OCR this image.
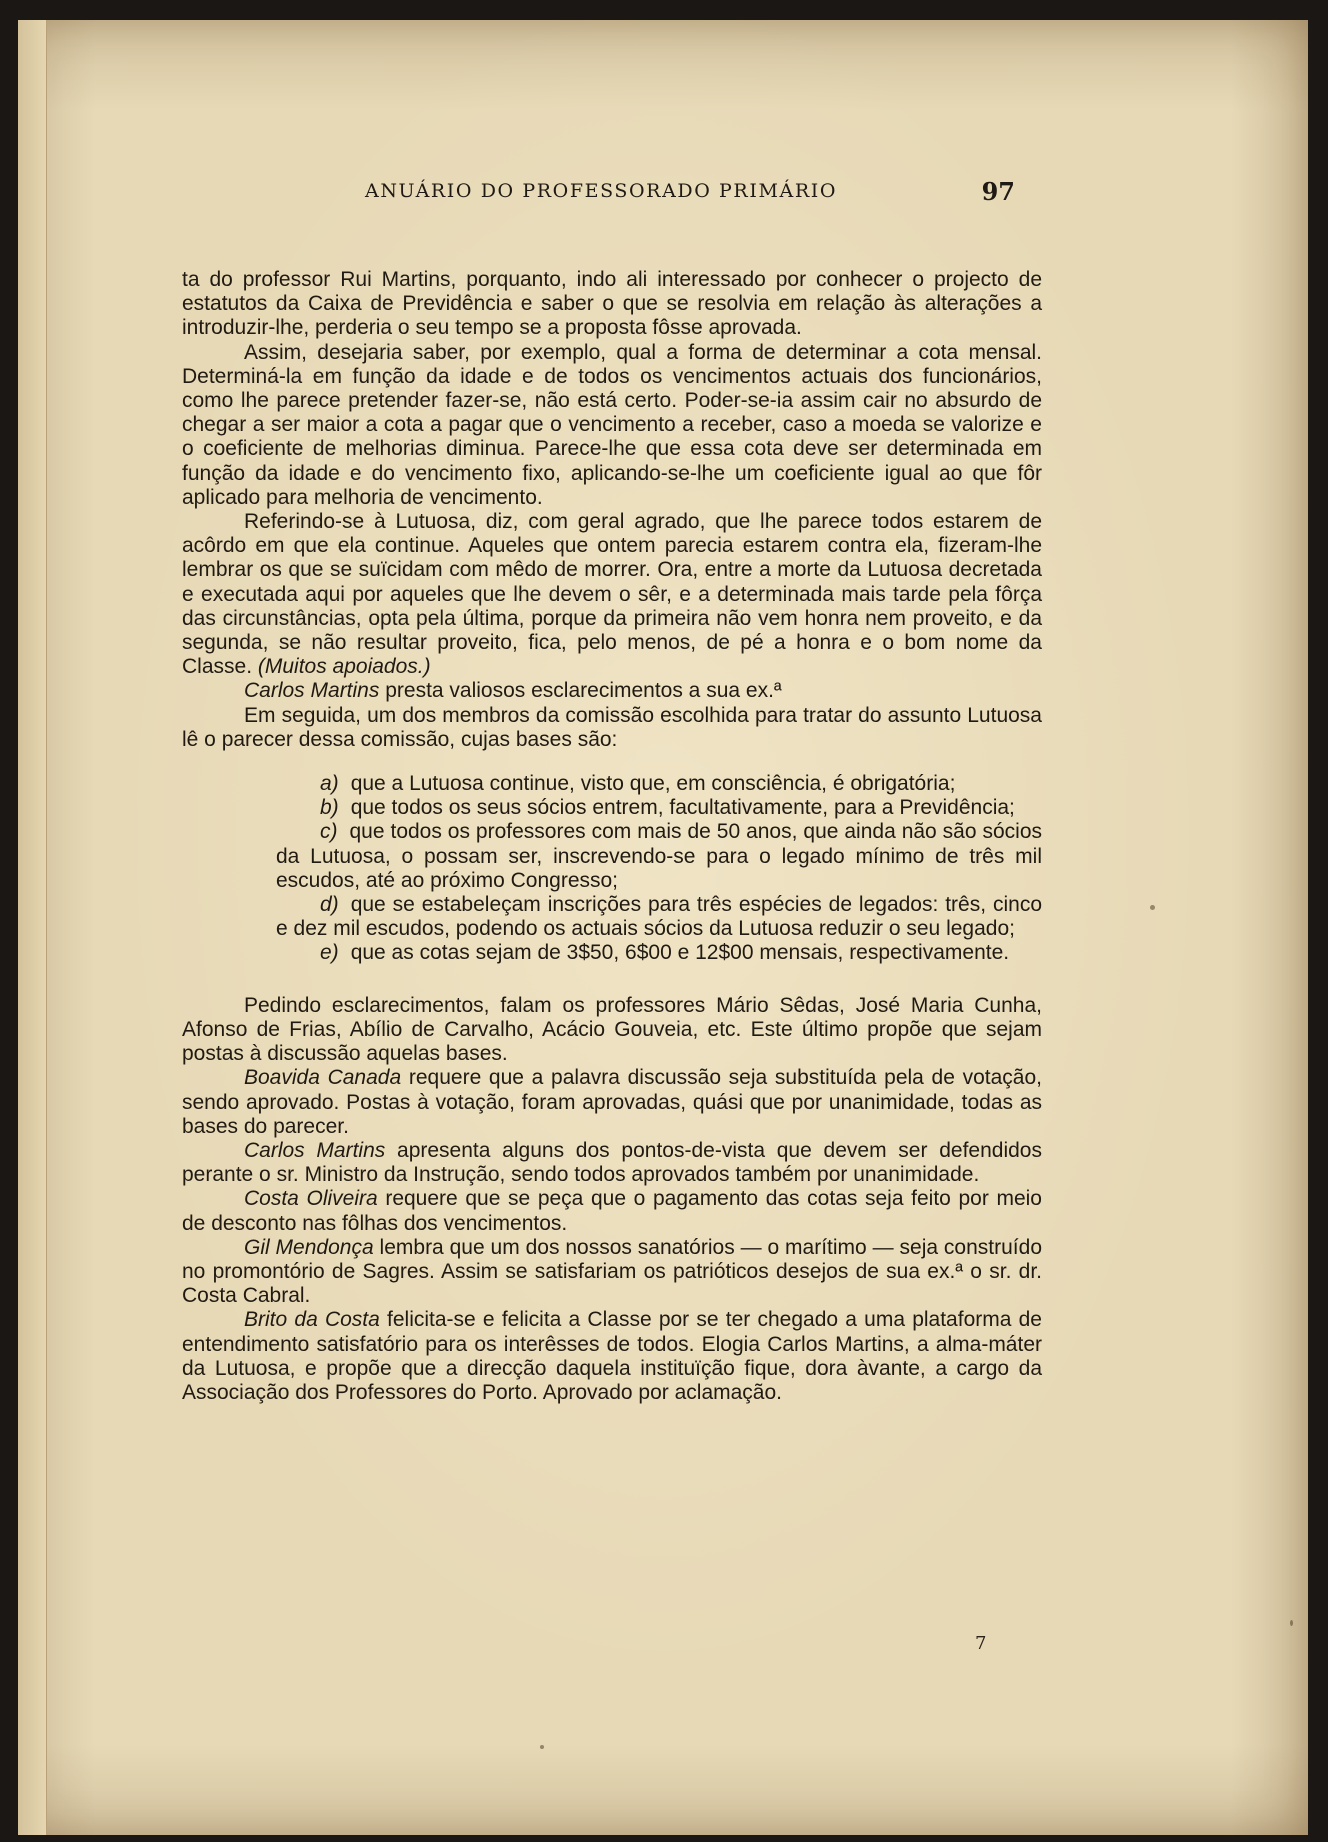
ANUÁRIO DO PROFESSORADO PRIMÁRIO	97

ta do professor Rui Martins, porquanto, indo ali interessado por conhecer o projecto de estatutos da Caixa de Previdência e saber o que se resolvia em relação às alterações a introduzir-lhe, perderia o seu tempo se a proposta fôsse aprovada.

Assim, desejaria saber, por exemplo, qual a forma de determinar a cota mensal. Determiná-la em função da idade e de todos os vencimentos actuais dos funcionários, como lhe parece pretender fazer-se, não está certo. Poder-se-ia assim cair no absurdo de chegar a ser maior a cota a pagar que o vencimento a receber, caso a moeda se valorize e o coeficiente de melhorias diminua. Parece-lhe que essa cota deve ser determinada em função da idade e do vencimento fixo, aplicando-se-lhe um coeficiente igual ao que fôr aplicado para melhoria de vencimento.

Referindo-se à Lutuosa, diz, com geral agrado, que lhe parece todos estarem de acôrdo em que ela continue. Aqueles que ontem parecia estarem contra ela, fizeram-lhe lembrar os que se suïcidam com mêdo de morrer. Ora, entre a morte da Lutuosa decretada e executada aqui por aqueles que lhe devem o sêr, e a determinada mais tarde pela fôrça das circunstâncias, opta pela última, porque da primeira não vem honra nem proveito, e da segunda, se não resultar proveito, fica, pelo menos, de pé a honra e o bom nome da Classe. (Muitos apoiados.)

Carlos Martins presta valiosos esclarecimentos a sua ex.ª

Em seguida, um dos membros da comissão escolhida para tratar do assunto Lutuosa lê o parecer dessa comissão, cujas bases são:

a) que a Lutuosa continue, visto que, em consciência, é obrigatória;

b) que todos os seus sócios entrem, facultativamente, para a Previdência;

c) que todos os professores com mais de 50 anos, que ainda não são sócios da Lutuosa, o possam ser, inscrevendo-se para o legado mínimo de três mil escudos, até ao próximo Congresso;

d) que se estabeleçam inscrições para três espécies de legados: três, cinco e dez mil escudos, podendo os actuais sócios da Lutuosa reduzir o seu legado;

e) que as cotas sejam de 3$50, 6$00 e 12$00 mensais, respectivamente.

Pedindo esclarecimentos, falam os professores Mário Sêdas, José Maria Cunha, Afonso de Frias, Abílio de Carvalho, Acácio Gouveia, etc. Este último propõe que sejam postas à discussão aquelas bases.

Boavida Canada requere que a palavra discussão seja substituída pela de votação, sendo aprovado. Postas à votação, foram aprovadas, quási que por unanimidade, todas as bases do parecer.

Carlos Martins apresenta alguns dos pontos-de-vista que devem ser defendidos perante o sr. Ministro da Instrução, sendo todos aprovados também por unanimidade.

Costa Oliveira requere que se peça que o pagamento das cotas seja feito por meio de desconto nas fôlhas dos vencimentos.

Gil Mendonça lembra que um dos nossos sanatórios — o marítimo — seja construído no promontório de Sagres. Assim se satisfariam os patrióticos desejos de sua ex.ª o sr. dr. Costa Cabral.

Brito da Costa felicita-se e felicita a Classe por se ter chegado a uma plataforma de entendimento satisfatório para os interêsses de todos. Elogia Carlos Martins, a alma-máter da Lutuosa, e propõe que a direcção daquela instituïção fique, dora àvante, a cargo da Associação dos Professores do Porto. Aprovado por aclamação.

7
